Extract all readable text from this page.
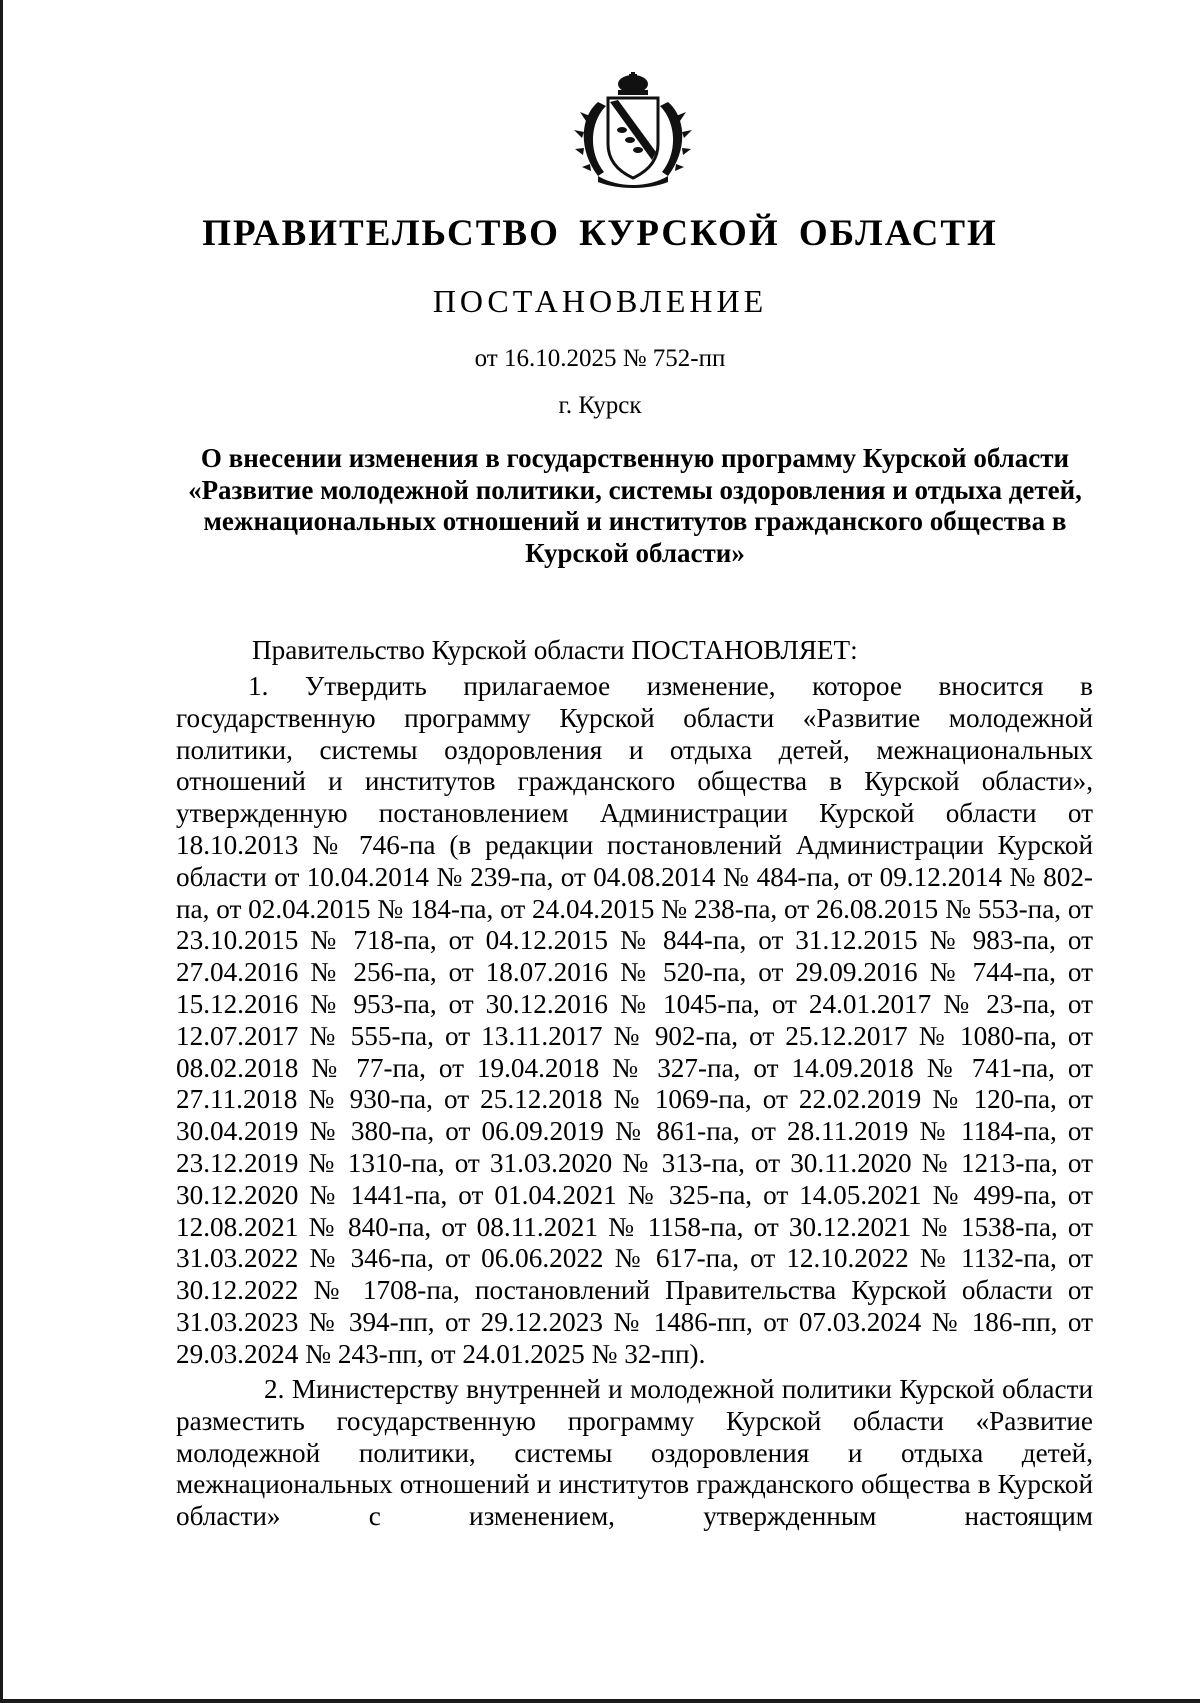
ПРАВИТЕЛЬСТВО КУРСКОЙ ОБЛАСТИ
ПОСТАНОВЛЕНИЕ
от 16.10.2025 № 752-пп
г. Курск
О внесении изменения в государственную программу Курской области «Развитие молодежной политики, системы оздоровления и отдыха детей, межнациональных отношений и институтов гражданского общества в Курской области»
Правительство Курской области ПОСТАНОВЛЯЕТ:
1. Утвердить прилагаемое изменение, которое вносится в государственную программу Курской области «Развитие молодежной политики, системы оздоровления и отдыха детей, межнациональных отношений и институтов гражданского общества в Курской области», утвержденную постановлением Администрации Курской области от 18.10.2013 № 746-па (в редакции постановлений Администрации Курской области от 10.04.2014 № 239-па, от 04.08.2014 № 484-па, от 09.12.2014 № 802-па, от 02.04.2015 № 184-па, от 24.04.2015 № 238-па, от 26.08.2015 № 553-па, от 23.10.2015 № 718-па, от 04.12.2015 № 844-па, от 31.12.2015 № 983-па, от 27.04.2016 № 256-па, от 18.07.2016 № 520-па, от 29.09.2016 № 744-па, от 15.12.2016 № 953-па, от 30.12.2016 № 1045-па, от 24.01.2017 № 23-па, от 12.07.2017 № 555-па, от 13.11.2017 № 902-па, от 25.12.2017 № 1080-па, от 08.02.2018 № 77-па, от 19.04.2018 № 327-па, от 14.09.2018 № 741-па, от 27.11.2018 № 930-па, от 25.12.2018 № 1069-па, от 22.02.2019 № 120-па, от 30.04.2019 № 380-па, от 06.09.2019 № 861-па, от 28.11.2019 № 1184-па, от 23.12.2019 № 1310-па, от 31.03.2020 № 313-па, от 30.11.2020 № 1213-па, от 30.12.2020 № 1441-па, от 01.04.2021 № 325-па, от 14.05.2021 № 499-па, от 12.08.2021 № 840-па, от 08.11.2021 № 1158-па, от 30.12.2021 № 1538-па, от 31.03.2022 № 346-па, от 06.06.2022 № 617-па, от 12.10.2022 № 1132-па, от 30.12.2022 № 1708-па, постановлений Правительства Курской области от 31.03.2023 № 394-пп, от 29.12.2023 № 1486-пп, от 07.03.2024 № 186-пп, от 29.03.2024 № 243-пп, от 24.01.2025 № 32-пп).
2. Министерству внутренней и молодежной политики Курской области разместить государственную программу Курской области «Развитие молодежной политики, системы оздоровления и отдыха детей, межнациональных отношений и институтов гражданского общества в Курской области» с изменением, утвержденным настоящим
